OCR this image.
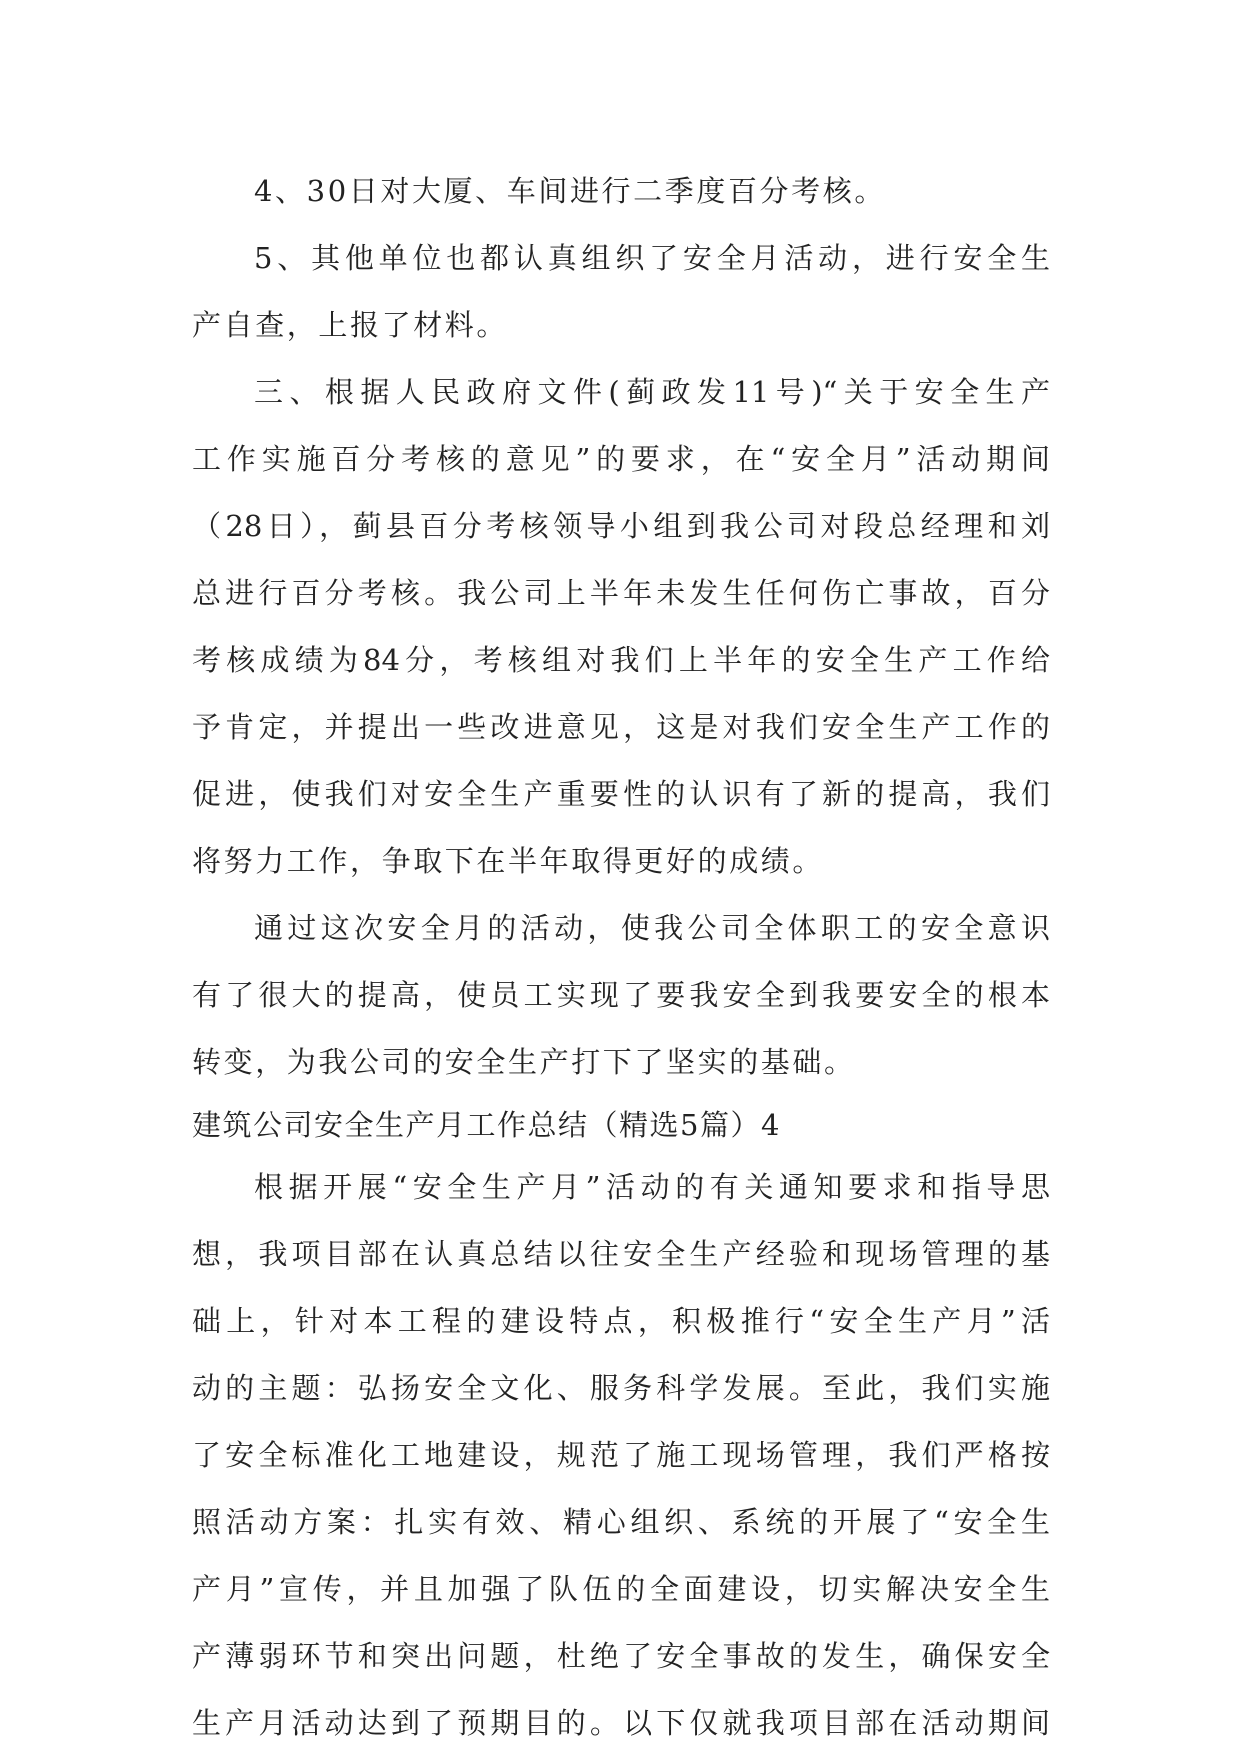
4、30日对大厦、车间进行二季度百分考核。
5、其他单位也都认真组织了安全月活动，进行安全生
产自查，上报了材料。
三、根据人民政府文件(蓟政发11号)“关于安全生产
工作实施百分考核的意见”的要求，在“安全月”活动期间
（28日），蓟县百分考核领导小组到我公司对段总经理和刘
总进行百分考核。我公司上半年未发生任何伤亡事故，百分
考核成绩为84分，考核组对我们上半年的安全生产工作给
予肯定，并提出一些改进意见，这是对我们安全生产工作的
促进，使我们对安全生产重要性的认识有了新的提高，我们
将努力工作，争取下在半年取得更好的成绩。
通过这次安全月的活动，使我公司全体职工的安全意识
有了很大的提高，使员工实现了要我安全到我要安全的根本
转变，为我公司的安全生产打下了坚实的基础。
建筑公司安全生产月工作总结（精选5篇）4
根据开展“安全生产月”活动的有关通知要求和指导思
想，我项目部在认真总结以往安全生产经验和现场管理的基
础上，针对本工程的建设特点，积极推行“安全生产月”活
动的主题：弘扬安全文化、服务科学发展。至此，我们实施
了安全标准化工地建设，规范了施工现场管理，我们严格按
照活动方案：扎实有效、精心组织、系统的开展了“安全生
产月”宣传，并且加强了队伍的全面建设，切实解决安全生
产薄弱环节和突出问题，杜绝了安全事故的发生，确保安全
生产月活动达到了预期目的。以下仅就我项目部在活动期间
